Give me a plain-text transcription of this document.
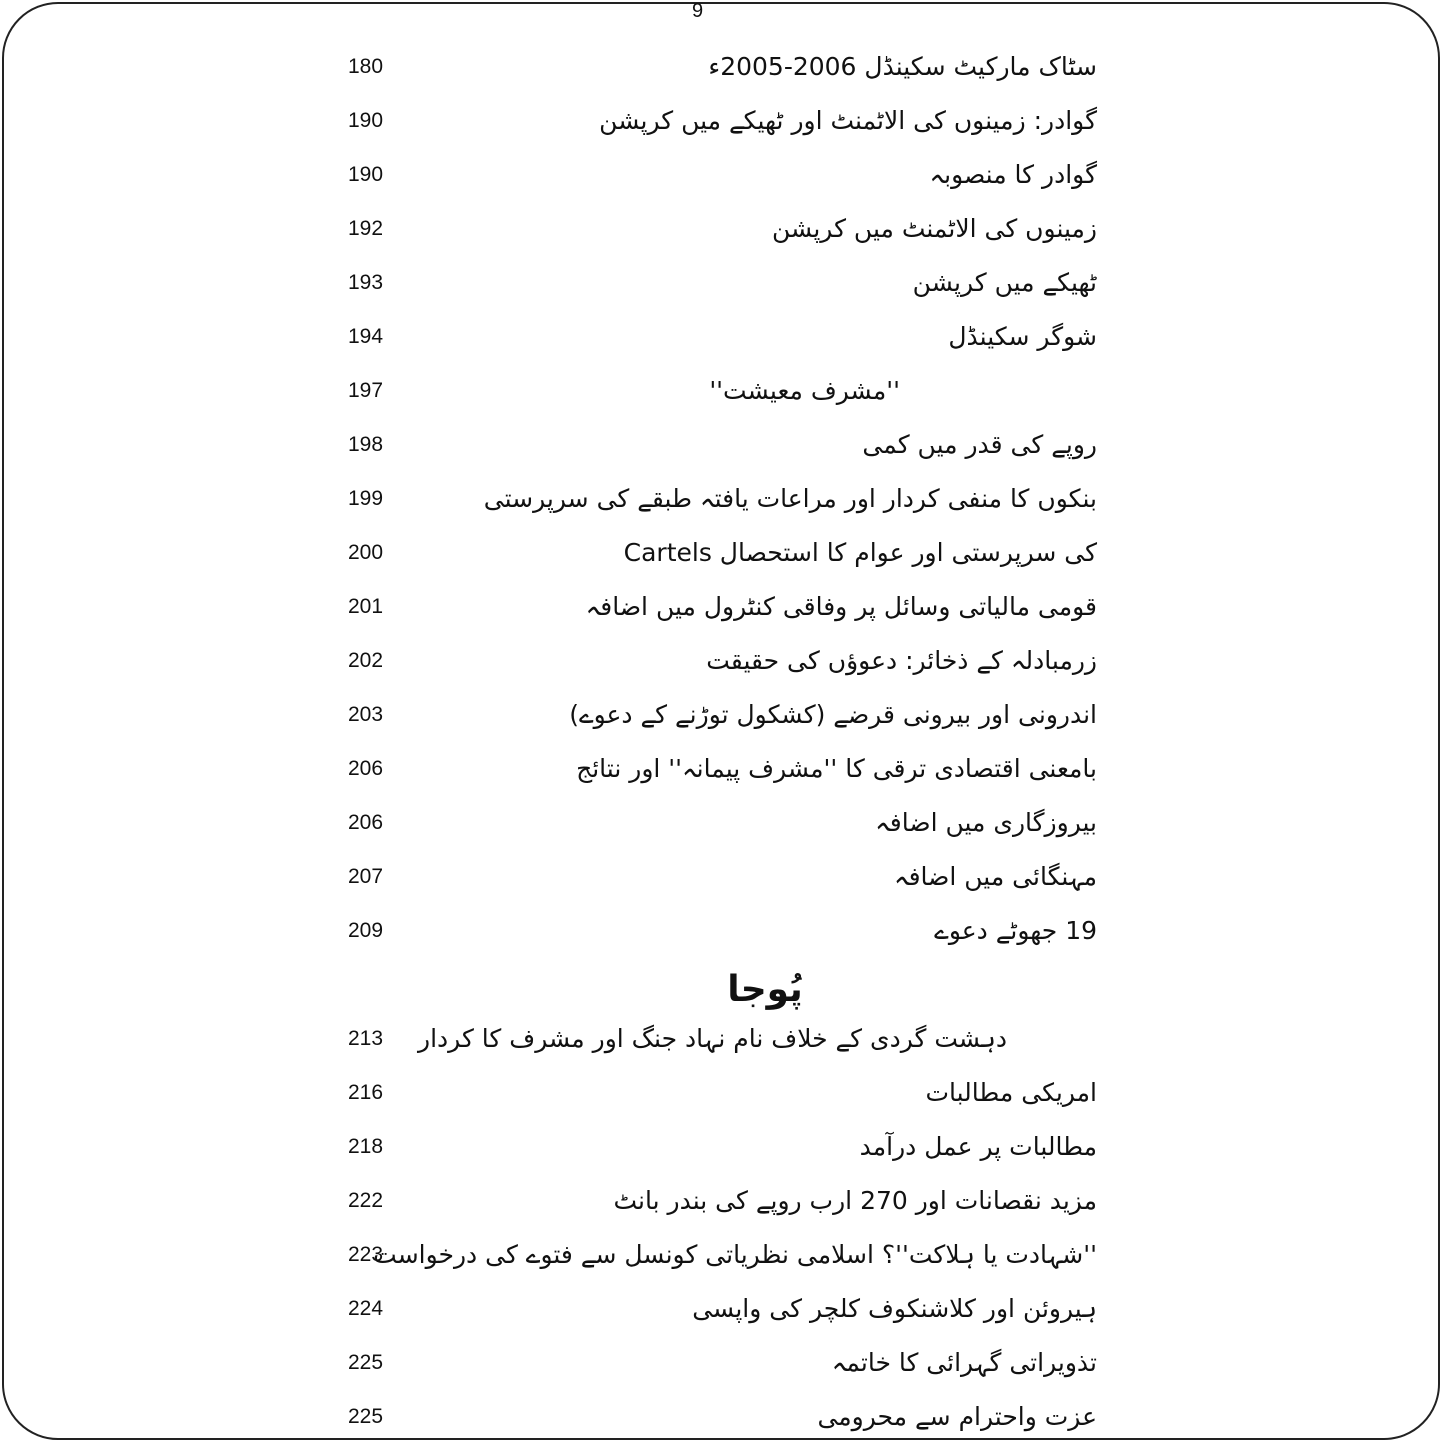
9
سٹاک مارکیٹ سکینڈل 2006-2005ء
180
گوادر: زمینوں کی الاٹمنٹ اور ٹھیکے میں کرپشن
190
گوادر کا منصوبہ
190
زمینوں کی الاٹمنٹ میں کرپشن
192
ٹھیکے میں کرپشن
193
شوگر سکینڈل
194
''مشرف معیشت''
197
روپے کی قدر میں کمی
198
بنکوں کا منفی کردار اور مراعات یافتہ طبقے کی سرپرستی
199
Cartels کی سرپرستی اور عوام کا استحصال
200
قومی مالیاتی وسائل پر وفاقی کنٹرول میں اضافہ
201
زرمبادلہ کے ذخائر: دعوؤں کی حقیقت
202
اندرونی اور بیرونی قرضے (کشکول توڑنے کے دعوے)
203
بامعنی اقتصادی ترقی کا ''مشرف پیمانہ'' اور نتائج
206
بیروزگاری میں اضافہ
206
مہنگائی میں اضافہ
207
19 جھوٹے دعوے
209
پُوجا
دہشت گردی کے خلاف نام نہاد جنگ اور مشرف کا کردار
213
امریکی مطالبات
216
مطالبات پر عمل درآمد
218
مزید نقصانات اور 270 ارب روپے کی بندر بانٹ
222
''شہادت یا ہلاکت''؟ اسلامی نظریاتی کونسل سے فتوے کی درخواست
223
ہیروئن اور کلاشنکوف کلچر کی واپسی
224
تذویراتی گہرائی کا خاتمہ
225
عزت واحترام سے محرومی
225
